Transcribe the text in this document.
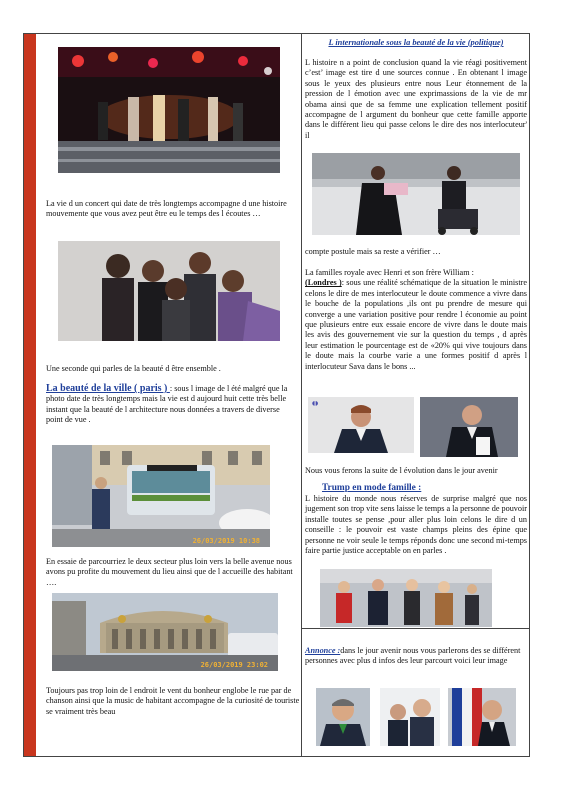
La vie d un concert qui date de très longtemps accompagne d une histoire mouvemente que vous avez peut être eu le temps des l écoutes …

Une seconde qui parles de la beauté d être ensemble .

La beauté de la ville ( paris ) : sous l image de l été malgré que la photo date de très longtemps mais la vie est d aujourd huit cette très belle instant que la beauté de l architecture nous données a travers de diverse point de vue .

26/03/2019 10:38

En essaie de parcourriez le deux secteur plus loin vers la belle avenue nous avons pu profite du mouvement du lieu ainsi que de l accueille des habitant ….

26/03/2019 23:02

Toujours pas trop loin de l endroit le vent du bonheur englobe le rue par de chanson ainsi que la music de habitant accompagne de la curiosité de touriste se vraiment très beau

L internationale sous la beauté de la vie (politique)

L histoire n a point de conclusion quand la vie réagi positivement c’est’ image est tire d une sources connue . En obtenant l image sous le yeux des plusieurs entre nous Leur étonnement de la pression de l émotion avec une exprimassions de la vie de mr obama ainsi que de sa femme une explication tellement positif accompagne de l argument du bonheur que cette famille apporte dans le différent lieu qui passe celons le dire des nos interlocuteur' il

compte postule mais sa reste a vérifier …

La familles royale avec Henri et son frère William :
(Londres ): sous une réalité schématique de la situation le ministre celons le dire de mes interlocuteur le doute commence a vivre dans le bouche de la populations ,ils ont pu prendre de mesure qui converge a une variation positive pour rendre l économie au point que plusieurs entre eux essaie encore de vivre dans le doute mais les avis des gouvernement vie sur la question du temps , d après leur estimation le pourcentage est de «20% qui vive toujours dans le doute mais la courbe varie a une formes positif d après l interlocuteur Sava dans le bons ...

◖◗

Nous vous ferons la suite de l évolution dans le jour avenir

Trump en mode famille :

L histoire du monde nous réserves de surprise malgré que nos jugement son trop vite sens laisse le temps a la personne de pouvoir installe toutes se pense ,pour aller plus loin celons le dire d un conseille : le pouvoir est vaste champs pleins des épine que personne ne voir seule le temps réponds donc une second mi-temps faire partie justice acceptable on en parles .

Annonce :dans le jour avenir nous vous parlerons des se différent personnes avec plus d infos des leur parcourt voici leur image
